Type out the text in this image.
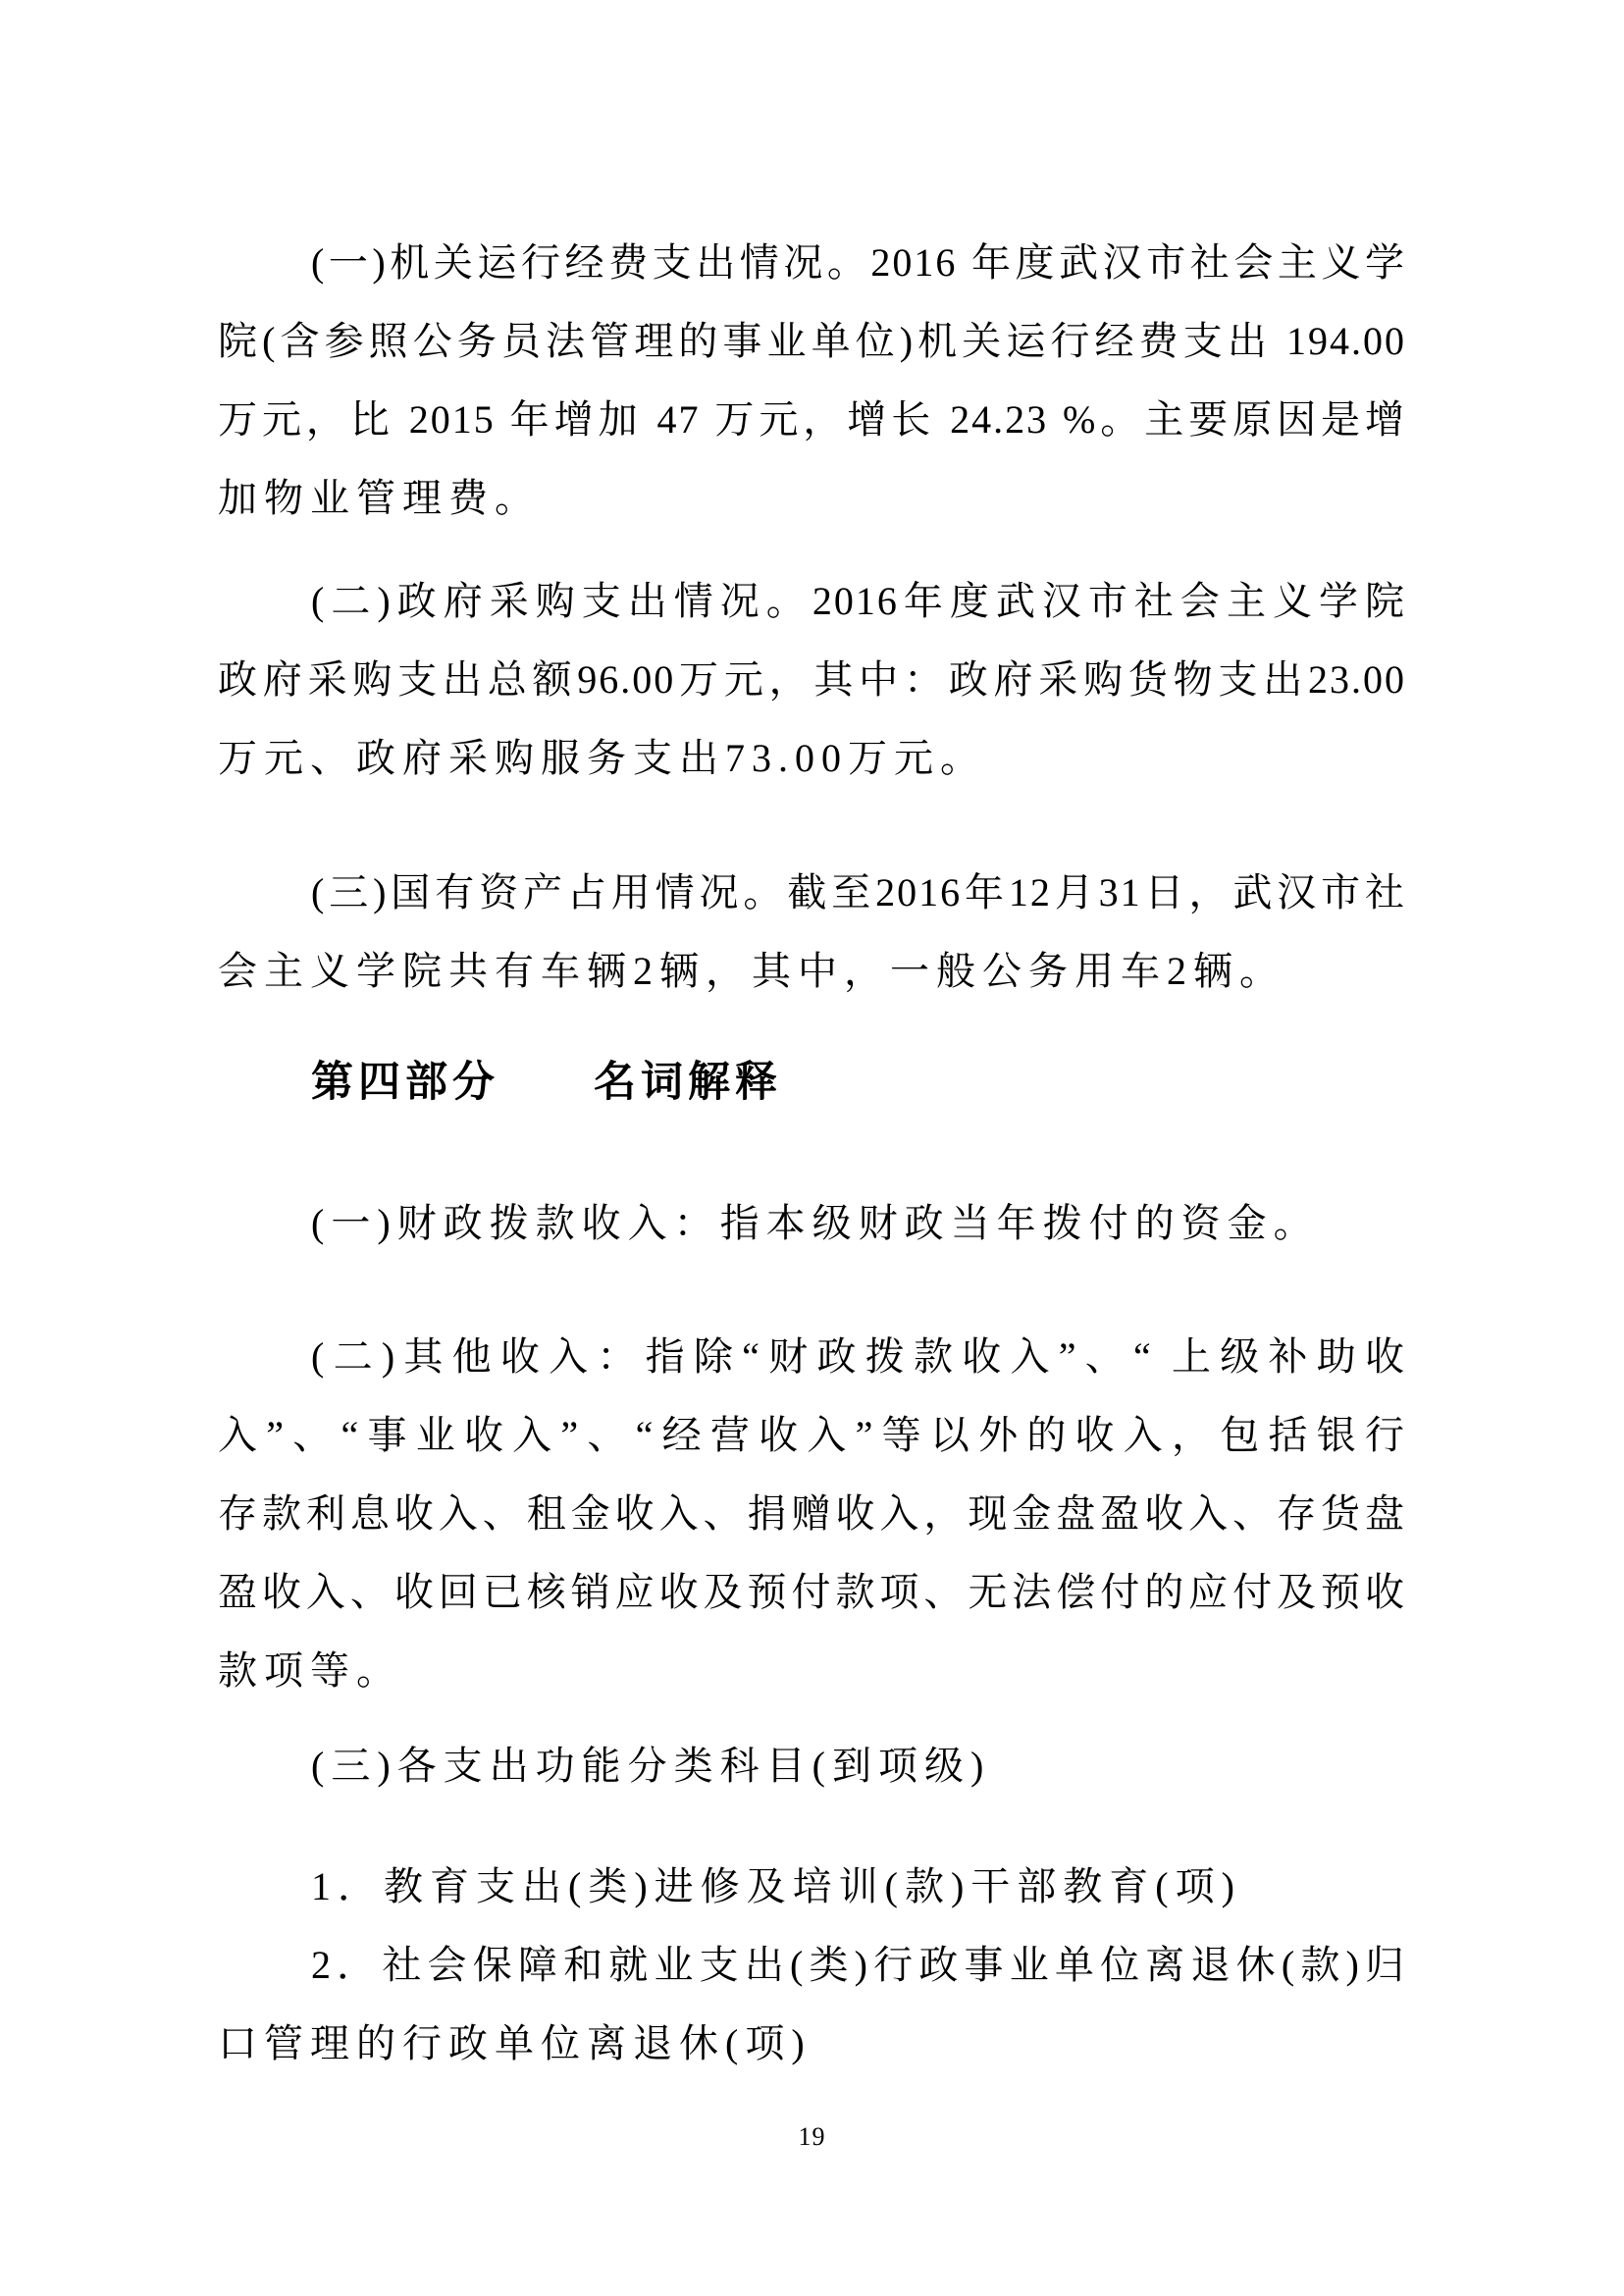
(一)机关运行经费支出情况。2016 年度武汉市社会主义学
院(含参照公务员法管理的事业单位)机关运行经费支出 194.00
万元，比 2015 年增加 47 万元，增长 24.23 %。主要原因是增
加物业管理费。
(二)政府采购支出情况。2016年度武汉市社会主义学院
政府采购支出总额96.00万元，其中：政府采购货物支出23.00
万元、政府采购服务支出73.00万元。
(三)国有资产占用情况。截至2016年12月31日，武汉市社
会主义学院共有车辆2辆，其中，一般公务用车2辆。
第四部分　　名词解释
(一)财政拨款收入：指本级财政当年拨付的资金。
(二)其他收入：指除“财政拨款收入”、“ 上级补助收
入”、“事业收入”、“经营收入”等以外的收入，包括银行
存款利息收入、租金收入、捐赠收入，现金盘盈收入、存货盘
盈收入、收回已核销应收及预付款项、无法偿付的应付及预收
款项等。
(三)各支出功能分类科目(到项级)
1．教育支出(类)进修及培训(款)干部教育(项)
2．社会保障和就业支出(类)行政事业单位离退休(款)归
口管理的行政单位离退休(项)
19
